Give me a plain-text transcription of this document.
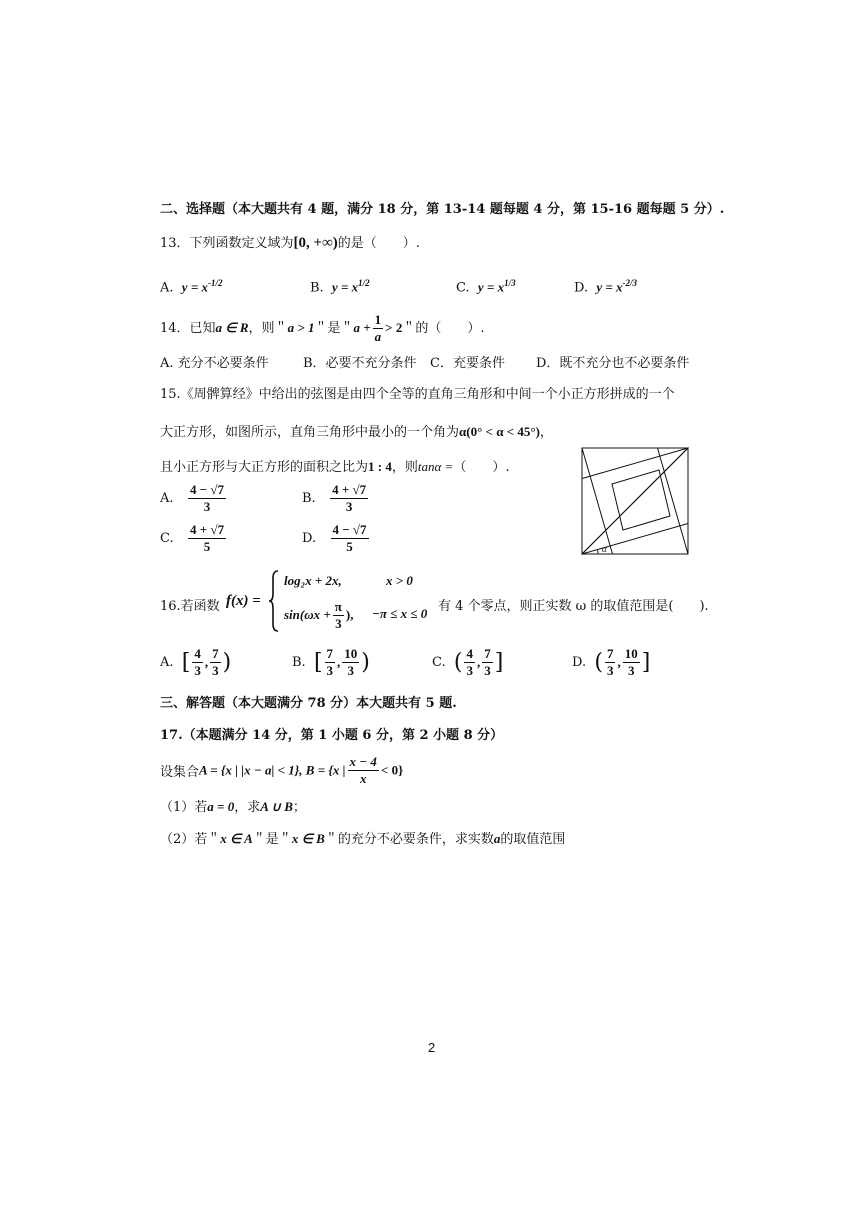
二、选择题（本大题共有 4 题，满分 18 分，第 13-14 题每题 4 分，第 15-16 题每题 5 分）.
13．下列函数定义域为[0, +∞)的是（　　）.
A. $y = x^{-1/2}$	B. $y = x^{1/2}$	C. $y = x^{1/3}$	D. $y = x^{-2/3}$
14．已知a ∈ R，则＂a > 1＂是＂$a + \frac{1}{a} > 2$＂的（　　）.
A. 充分不必要条件	B．必要不充分条件 C．充要条件 D．既不充分也不必要条件
15.《周髀算经》中给出的弦图是由四个全等的直角三角形和中间一个小正方形拼成的一个
大正方形，如图所示，直角三角形中最小的一个角为α(0° < α < 45°)，
且小正方形与大正方形的面积之比为1 : 4，则tanα =（　　）.
α
A. $\frac{4 - √7}{3}$	B. $\frac{4 + √7}{3}$
C. $\frac{4 + √7}{5}$	D. $\frac{4 - √7}{5}$
16.若函数 f(x) =
log₂x + 2x,	x > 0
$\sin(\omega x + \frac{\pi}{3}$ ), −π ≤ x ≤ 0 有 4 个零点，则正实数 ω 的取值范围是(　　).
A. [ $\frac{4}{3}$ , $\frac{7}{3}$ )	B. [ $\frac{7}{3}$ , $\frac{10}{3}$ )	C. ( $\frac{4}{3}$ , $\frac{7}{3}$ ]	D. ( $\frac{7}{3}$ , $\frac{10}{3}$ ]
三、解答题（本大题满分 78 分）本大题共有 5 题.
17.（本题满分 14 分，第 1 小题 6 分，第 2 小题 8 分）
设集合A = {x | |x − a| < 1}, B = {x | $\frac{x - 4}{x} < 0$}
（1）若a = 0，求A ∪ B；
（2）若＂x ∈ A＂是＂x ∈ B＂的充分不必要条件，求实数a的取值范围
2
